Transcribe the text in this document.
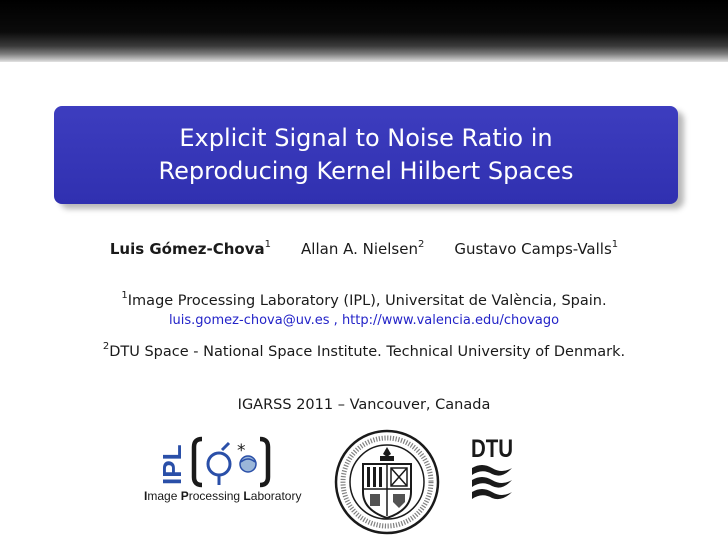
Explicit Signal to Noise Ratio in
Reproducing Kernel Hilbert Spaces
Luis Gómez-Chova$^1$ Allan A. Nielsen$^2$ Gustavo Camps-Valls$^1$
$^1$Image Processing Laboratory (IPL), Universitat de València, Spain.
luis.gomez-chova@uv.es , http://www.valencia.edu/chovago
$^2$DTU Space - National Space Institute. Technical University of Denmark.
IGARSS 2011 – Vancouver, Canada
IPL	*
Image Processing Laboratory
DTU
